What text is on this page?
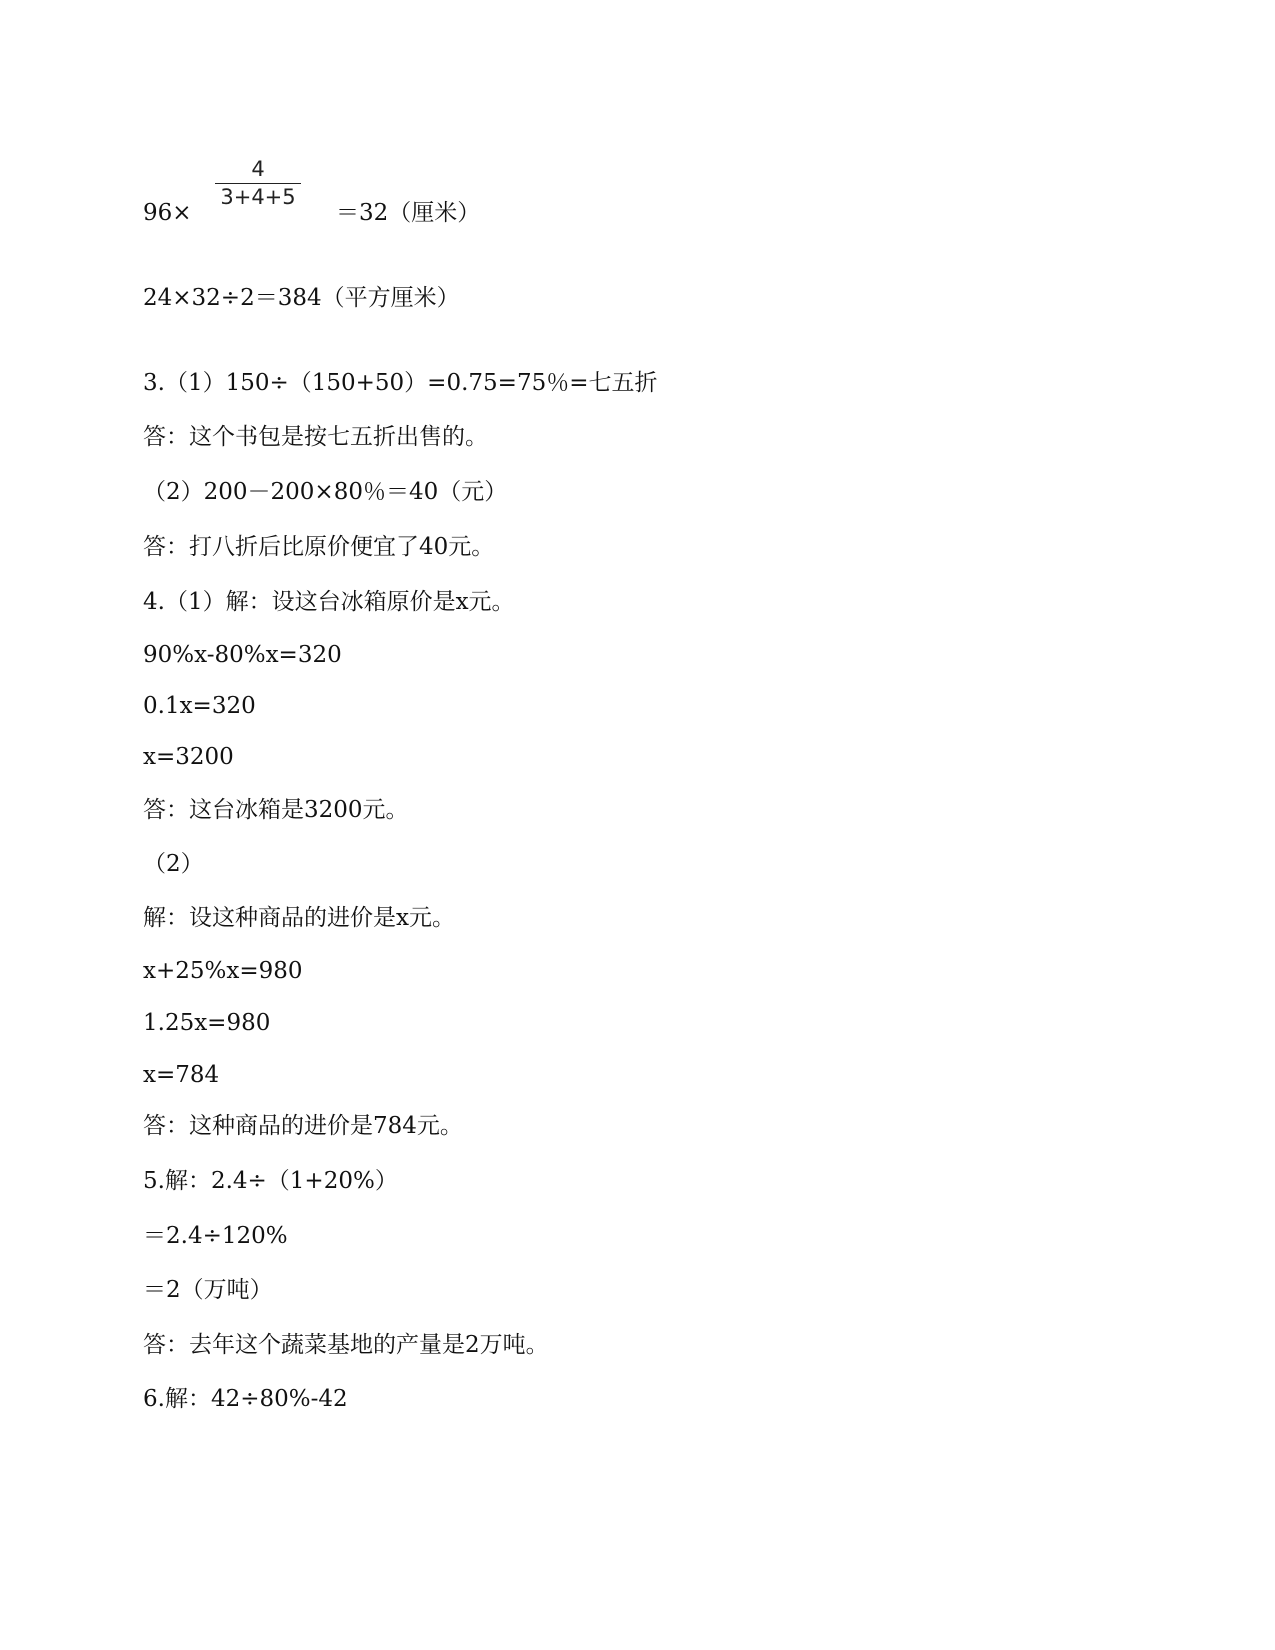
96×
4
3+4+5
＝32（厘米）
24×32÷2＝384（平方厘米）
3.（1）150÷（150+50）=0.75=75％=七五折
答：这个书包是按七五折出售的。
（2）200－200×80％＝40（元）
答：打八折后比原价便宜了40元。
4.（1）解：设这台冰箱原价是x元。
90%x-80%x=320
0.1x=320
x=3200
答：这台冰箱是3200元。
（2）
解：设这种商品的进价是x元。
x+25%x=980
1.25x=980
x=784
答：这种商品的进价是784元。
5.解：2.4÷（1+20%）
＝2.4÷120%
＝2（万吨）
答：去年这个蔬菜基地的产量是2万吨。
6.解：42÷80%-42
